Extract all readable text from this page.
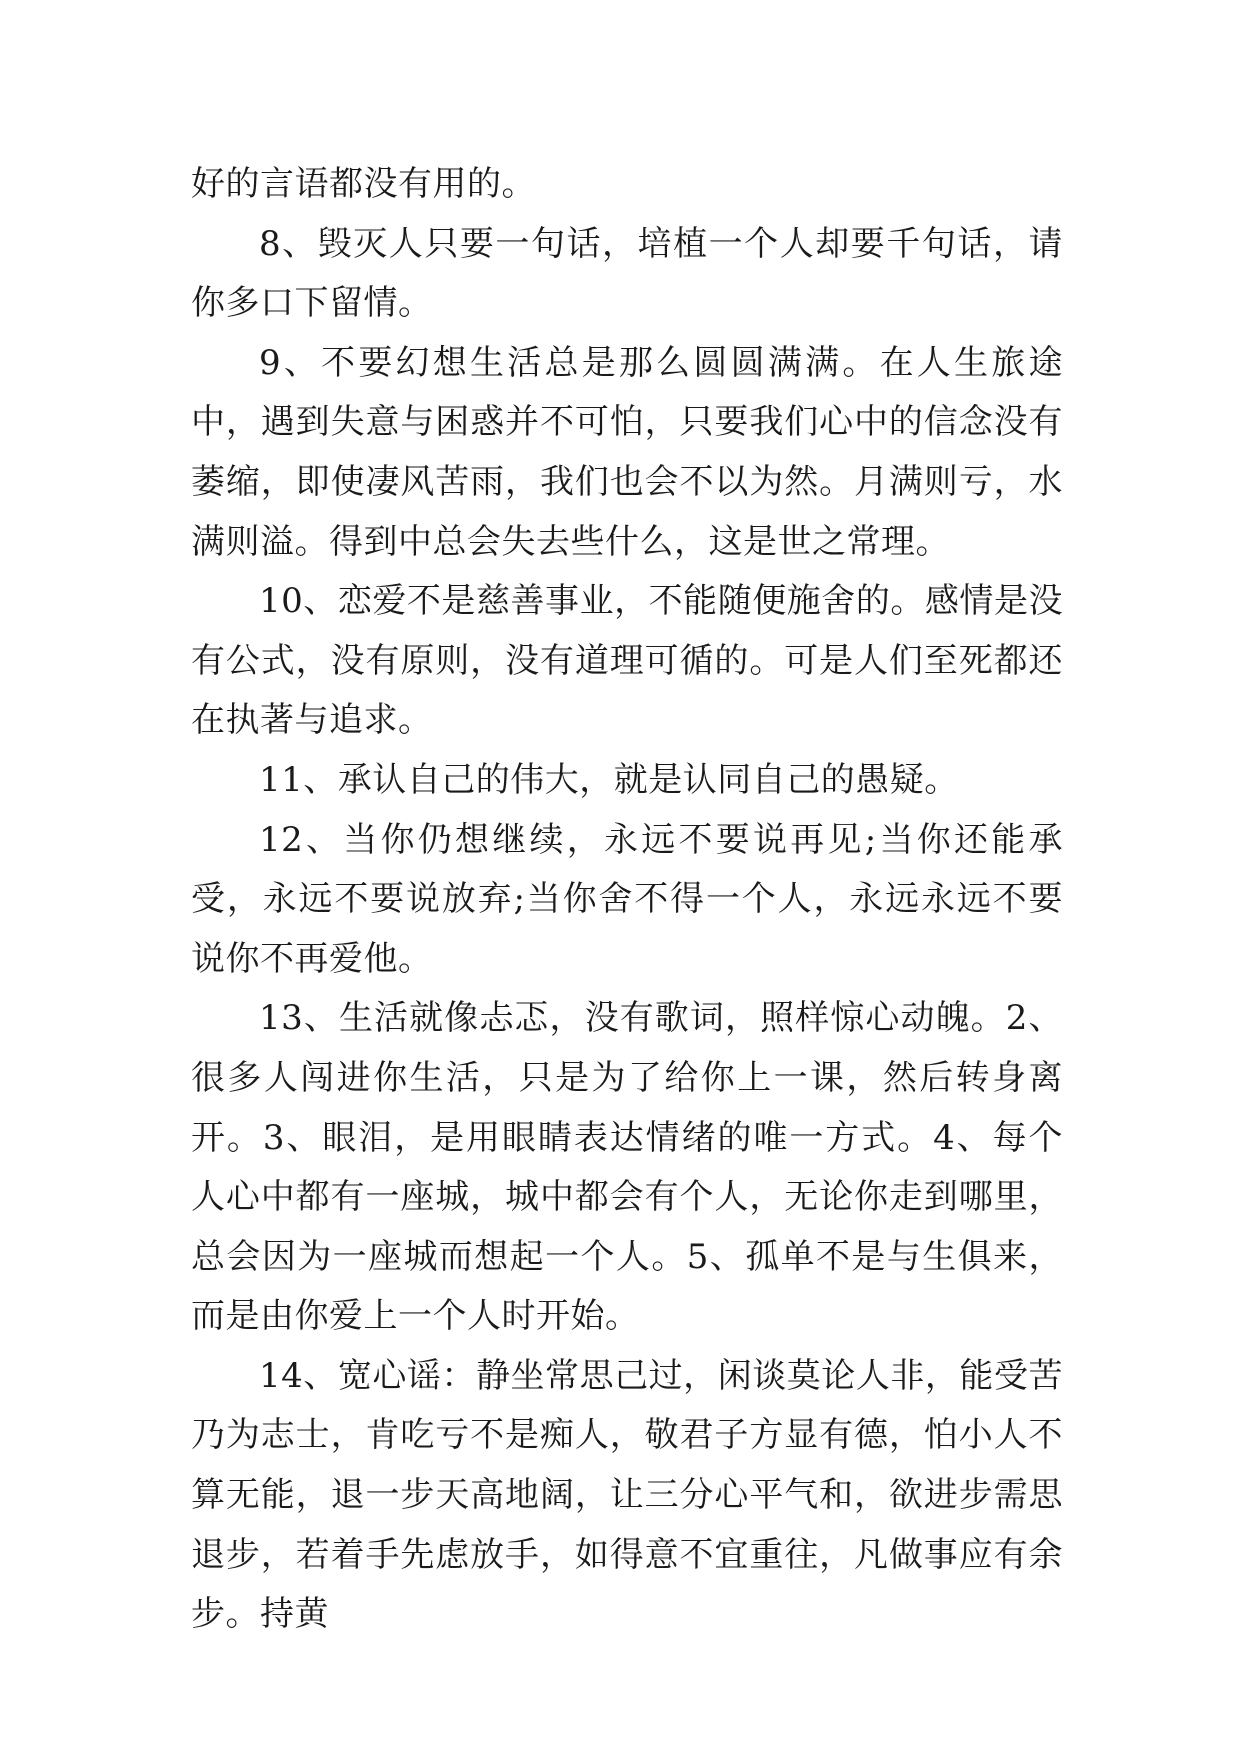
好的言语都没有用的。

8、毁灭人只要一句话，培植一个人却要千句话，请你多口下留情。

9、不要幻想生活总是那么圆圆满满。在人生旅途中，遇到失意与困惑并不可怕，只要我们心中的信念没有萎缩，即使凄风苦雨，我们也会不以为然。月满则亏，水满则溢。得到中总会失去些什么，这是世之常理。

10、恋爱不是慈善事业，不能随便施舍的。感情是没有公式，没有原则，没有道理可循的。可是人们至死都还在执著与追求。

11、承认自己的伟大，就是认同自己的愚疑。

12、当你仍想继续，永远不要说再见;当你还能承受，永远不要说放弃;当你舍不得一个人，永远永远不要说你不再爱他。

13、生活就像忐忑，没有歌词，照样惊心动魄。2、很多人闯进你生活，只是为了给你上一课，然后转身离开。3、眼泪，是用眼睛表达情绪的唯一方式。4、每个人心中都有一座城，城中都会有个人，无论你走到哪里，总会因为一座城而想起一个人。5、孤单不是与生俱来，而是由你爱上一个人时开始。

14、宽心谣：静坐常思己过，闲谈莫论人非，能受苦乃为志士，肯吃亏不是痴人，敬君子方显有德，怕小人不算无能，退一步天高地阔，让三分心平气和，欲进步需思退步，若着手先虑放手，如得意不宜重往，凡做事应有余步。持黄
